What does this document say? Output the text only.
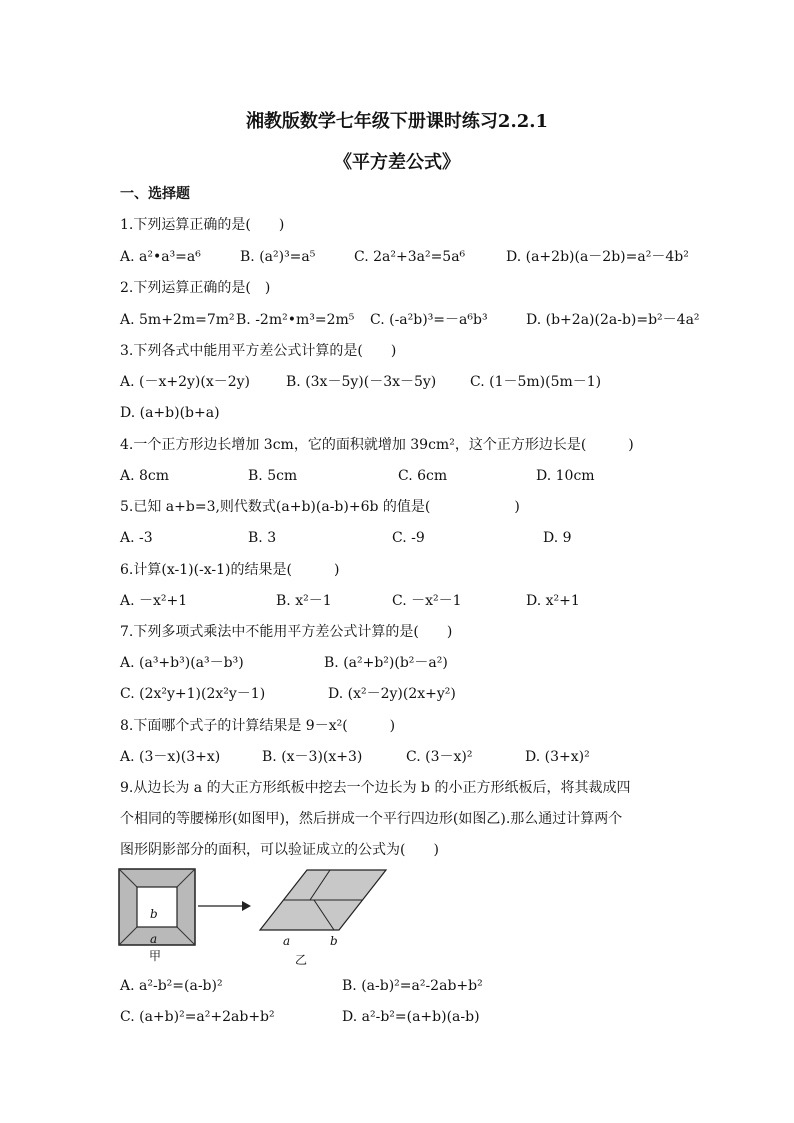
湘教版数学七年级下册课时练习2.2.1
《平方差公式》
一、选择题
1.下列运算正确的是(　　)
A. a²•a³=a⁶	B. (a²)³=a⁵	C. 2a²+3a²=5a⁶	D. (a+2b)(a－2b)=a²－4b²
2.下列运算正确的是(　)
A. 5m+2m=7m² B. -2m²•m³=2m⁵ C. (-a²b)³=－a⁶b³	D. (b+2a)(2a-b)=b²－4a²
3.下列各式中能用平方差公式计算的是(　　)
A. (－x+2y)(x－2y)	B. (3x－5y)(－3x－5y) C. (1－5m)(5m－1)
D. (a+b)(b+a)
4.一个正方形边长增加 3cm，它的面积就增加 39cm²，这个正方形边长是(　　　)
A. 8cm	B. 5cm	C. 6cm	D. 10cm
5.已知 a+b=3,则代数式(a+b)(a-b)+6b 的值是(　　　　　　)
A. -3	B. 3	C. -9	D. 9
6.计算(x-1)(-x-1)的结果是(　　　)
A. －x²+1	B. x²－1	C. －x²－1	D. x²+1
7.下列多项式乘法中不能用平方差公式计算的是(　　)
A. (a³+b³)(a³－b³)	B. (a²+b²)(b²－a²)
C. (2x²y+1)(2x²y－1)	D. (x²－2y)(2x+y²)
8.下面哪个式子的计算结果是 9－x²(　　　)
A. (3－x)(3+x)	B. (x－3)(x+3)	C. (3－x)²	D. (3+x)²
9.从边长为 a 的大正方形纸板中挖去一个边长为 b 的小正方形纸板后，将其裁成四
个相同的等腰梯形(如图甲)，然后拼成一个平行四边形(如图乙).那么通过计算两个
图形阴影部分的面积，可以验证成立的公式为(　　)
b
a
甲
a	b
乙
A. a²-b²=(a-b)²	B. (a-b)²=a²-2ab+b²
C. (a+b)²=a²+2ab+b²	D. a²-b²=(a+b)(a-b)
